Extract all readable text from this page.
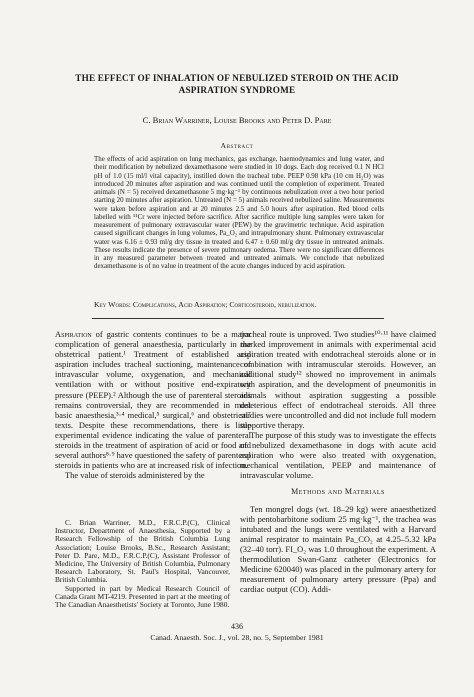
THE EFFECT OF INHALATION OF NEBULIZED STEROID ON THE ACID
ASPIRATION SYNDROME
C. Brian Warriner, Louise Brooks and Peter D. Pare
Abstract

The effects of acid aspiration on lung mechanics, gas exchange, haemodynamics and lung water, and their modification by nebulized dexamethasone were studied in 10 dogs. Each dog received 0.1 N HCl pH of 1.0 (15 ml/l vital capacity), instilled down the tracheal tube. PEEP 0.98 kPa (10 cm H₂O) was introduced 20 minutes after aspiration and was continued until the completion of experiment. Treated animals (N = 5) received dexamethasone 5 mg·kg⁻¹ by continuous nebulization over a two hour period starting 20 minutes after aspiration. Untreated (N = 5) animals received nebulized saline. Measurements were taken before aspiration and at 20 minutes 2.5 and 5.0 hours after aspiration. Red blood cells labelled with ⁵¹Cr were injected before sacrifice. After sacrifice multiple lung samples were taken for measurement of pulmonary extravascular water (PEW) by the gravimetric technique. Acid aspiration caused significant changes in lung volumes, Pa_O₂ and intrapulmonary shunt. Pulmonary extravascular water was 6.16 ± 0.93 ml/g dry tissue in treated and 6.47 ± 0.60 ml/g dry tissue in untreated animals. These results indicate the presence of severe pulmonary oedema. There were no significant differences in any measured parameter between treated and untreated animals. We conclude that nebulized dexamethasone is of no value in treatment of the acute changes induced by acid aspiration.

Key Words: Complications, Acid Aspiration; Corticosteroid, nebulization.

Aspiration of gastric contents continues to be a major complication of general anaesthesia, particularly in the obstetrical patient.¹ Treatment of established acid aspiration includes tracheal suctioning, maintenance of intravascular volume, oxygenation, and mechanical ventilation with or without positive end-expiratory pressure (PEEP).² Although the use of parenteral steroids remains controversial, they are recommended in most basic anaesthesia,³·⁴ medical,⁵ surgical,⁶ and obstetrical⁷ texts. Despite these recommendations, there is little experimental evidence indicating the value of parenteral steroids in the treatment of aspiration of acid or food and several authors⁸·⁹ have questioned the safety of parenteral steroids in patients who are at increased risk of infection.

The value of steroids administered by the

C. Brian Warriner, M.D., F.R.C.P.(C), Clinical Instructor, Department of Anaesthesia, Supported by a Research Fellowship of the British Columbia Lung Association; Louise Brooks, B.Sc., Research Assistant; Peter D. Pare, M.D., F.R.C.P.(C), Assistant Professor of Medicine, The University of British Columbia, Pulmonary Research Laboratory, St. Paul's Hospital, Vancouver, British Columbia.

Supported in part by Medical Research Council of Canada Grant MT-4219. Presented in part at the meeting of The Canadian Anaesthetists' Society at Toronto, June 1980.

tracheal route is unproved. Two studies¹⁰·¹¹ have claimed marked improvement in animals with experimental acid aspiration treated with endotracheal steroids alone or in combination with intramuscular steroids. However, an additional study¹² showed no improvement in animals with aspiration, and the development of pneumonitis in animals without aspiration suggesting a possible deleterious effect of endotracheal steroids. All three studies were uncontrolled and did not include full modern supportive therapy.

The purpose of this study was to investigate the effects of nebulized dexamethasone in dogs with acute acid aspiration who were also treated with oxygenation, mechanical ventilation, PEEP and maintenance of intravascular volume.

Methods and Materials

Ten mongrel dogs (wt. 18–29 kg) were anaesthetized with pentobarbitone sodium 25 mg·kg⁻¹, the trachea was intubated and the lungs were ventilated with a Harvard animal respirator to maintain Pa_CO₂ at 4.25–5.32 kPa (32–40 torr). FI_O₂ was 1.0 throughout the experiment. A thermodilution Swan-Ganz catheter (Electronics for Medicine 620040) was placed in the pulmonary artery for measurement of pulmonary artery pressure (Ppa) and cardiac output (CO). Addi-

436
Canad. Anaesth. Soc. J., vol. 28, no. 5, September 1981
